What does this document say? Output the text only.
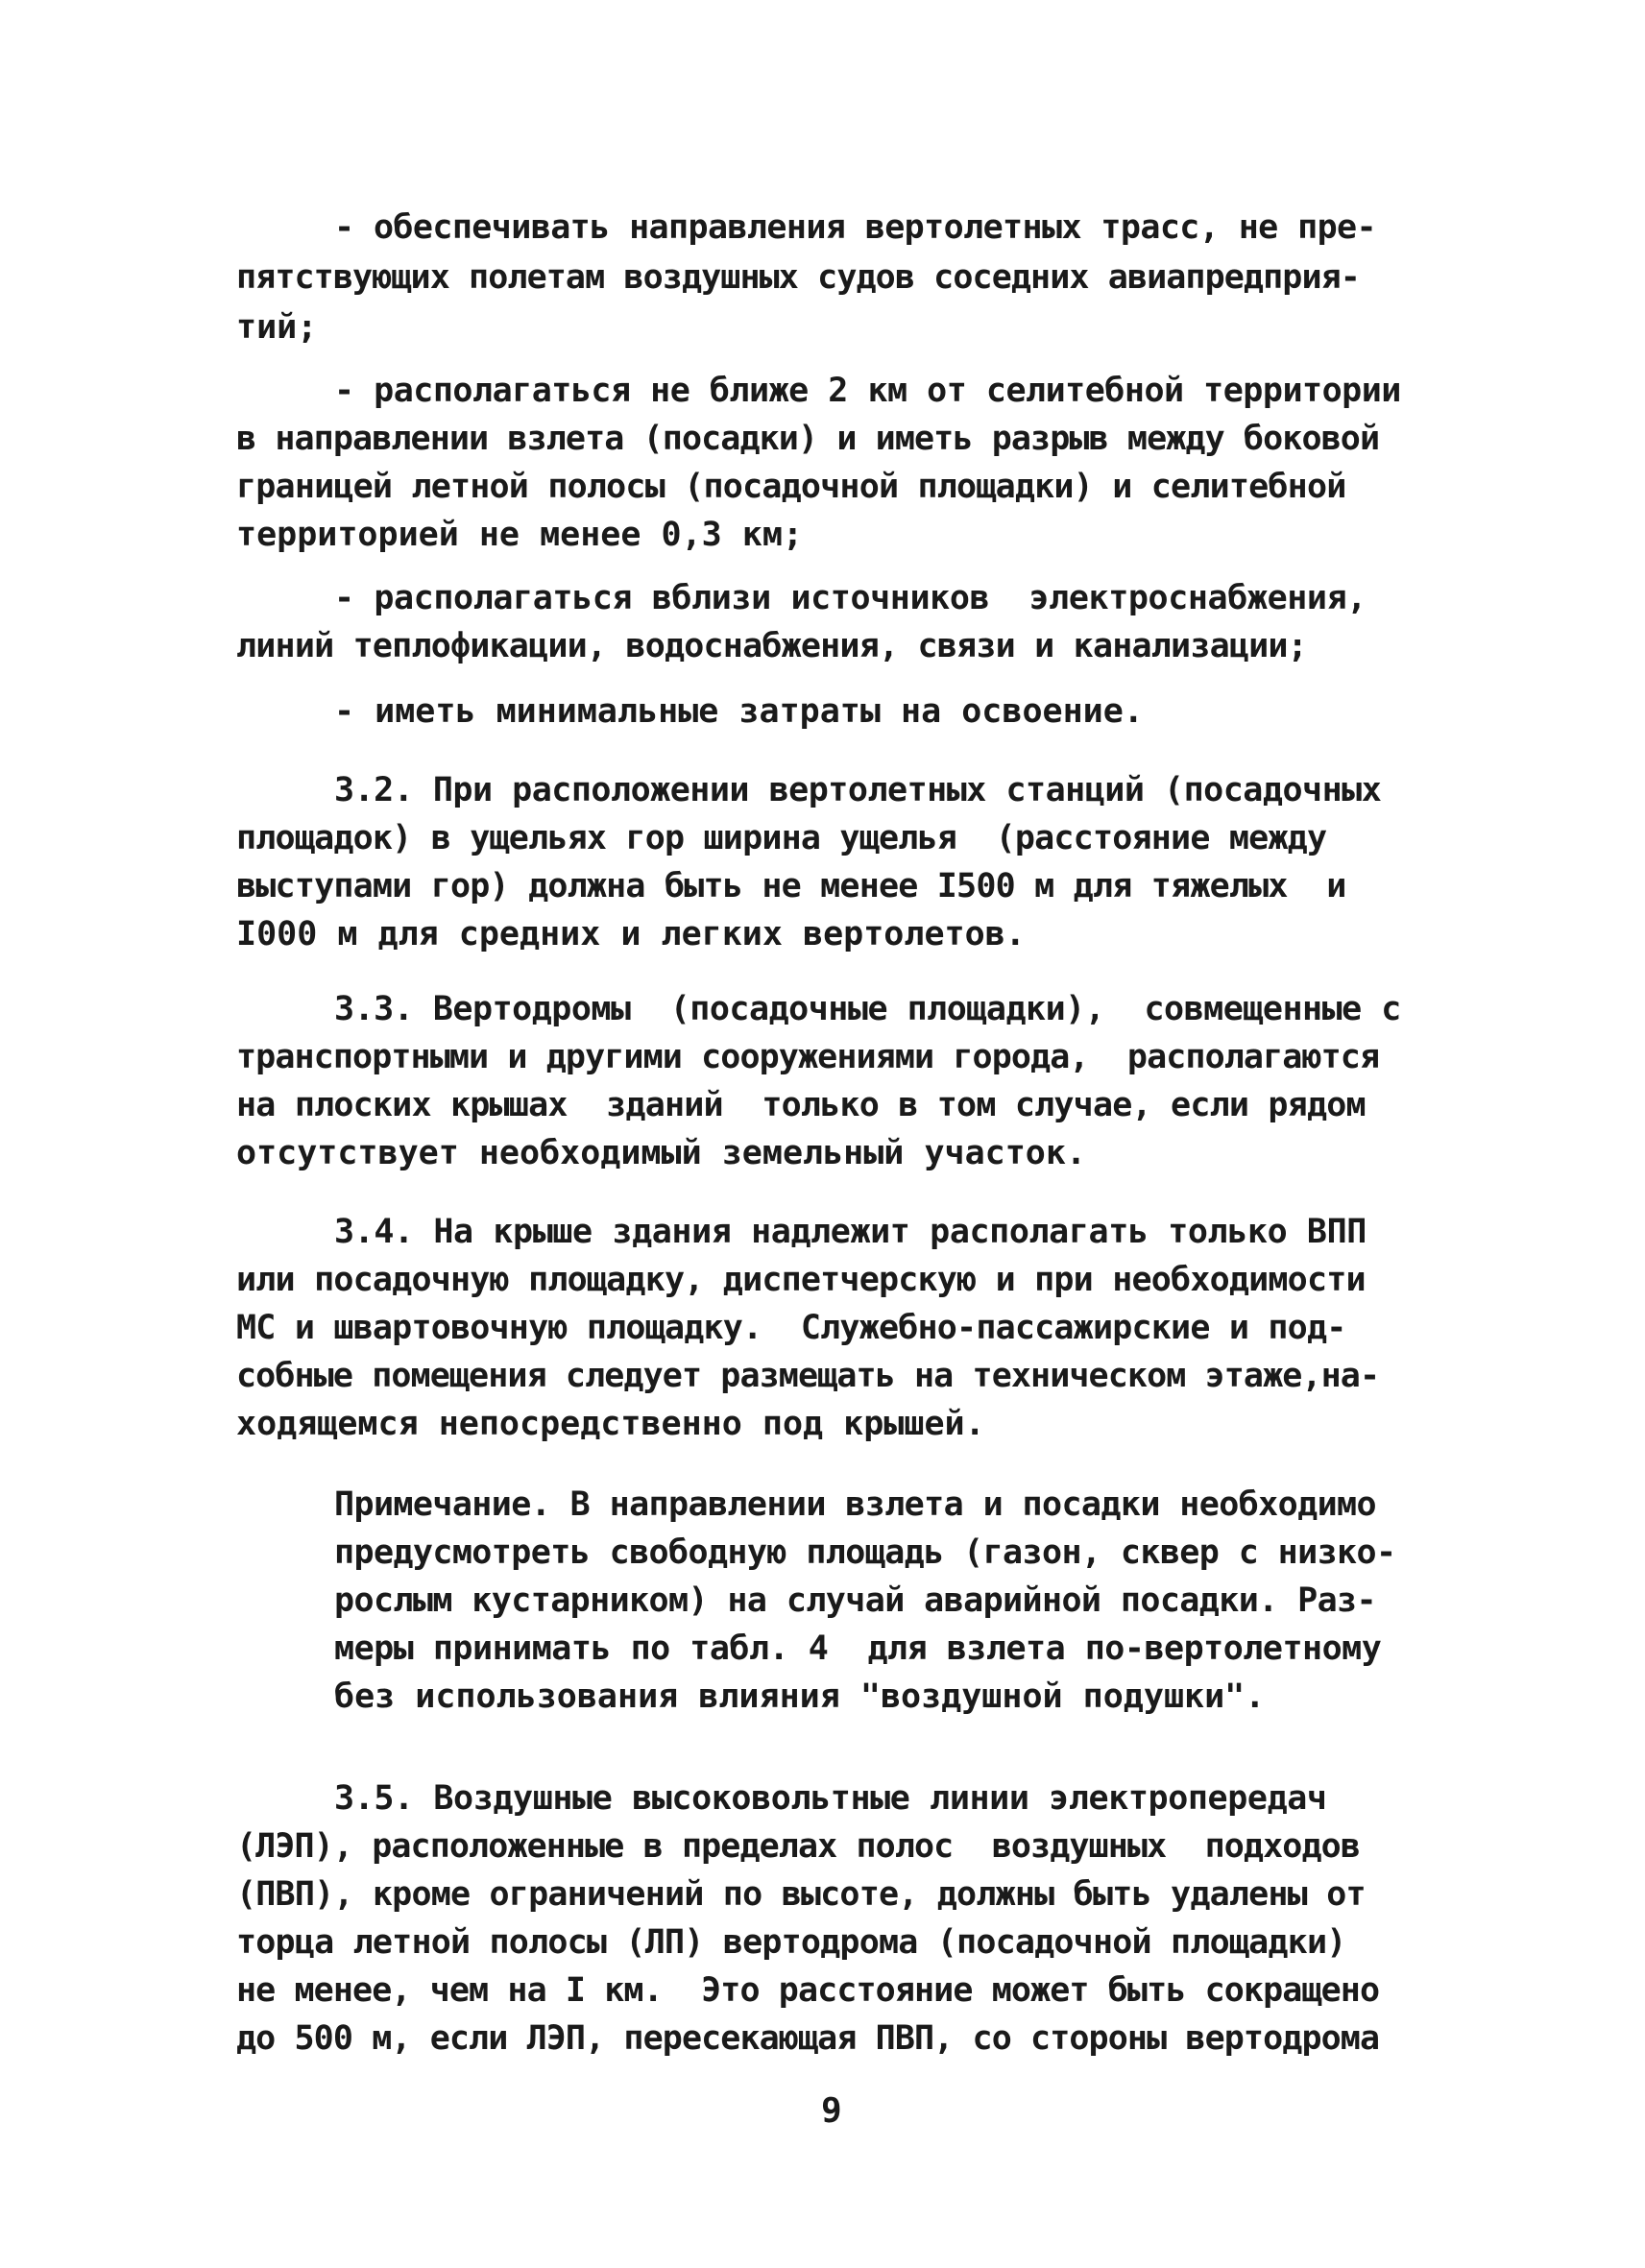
- обеспечивать направления вертолетных трасс, не пре-
пятствующих полетам воздушных судов соседних авиапредприя-
тий;
- располагаться не ближе 2 км от селитебной территории
в направлении взлета (посадки) и иметь разрыв между боковой
границей летной полосы (посадочной площадки) и селитебной
территорией не менее 0,3 км;
- располагаться вблизи источников  электроснабжения,
линий теплофикации, водоснабжения, связи и канализации;
- иметь минимальные затраты на освоение.
3.2. При расположении вертолетных станций (посадочных
площадок) в ущельях гор ширина ущелья  (расстояние между
выступами гор) должна быть не менее I500 м для тяжелых  и
I000 м для средних и легких вертолетов.
3.3. Вертодромы  (посадочные площадки),  совмещенные с
транспортными и другими сооружениями города,  располагаются
на плоских крышах  зданий  только в том случае, если рядом
отсутствует необходимый земельный участок.
3.4. На крыше здания надлежит располагать только ВПП
или посадочную площадку, диспетчерскую и при необходимости
МС и швартовочную площадку.  Служебно-пассажирские и под-
собные помещения следует размещать на техническом этаже,на-
ходящемся непосредственно под крышей.
Примечание. В направлении взлета и посадки необходимо
предусмотреть свободную площадь (газон, сквер с низко-
рослым кустарником) на случай аварийной посадки. Раз-
меры принимать по табл. 4  для взлета по-вертолетному
без использования влияния "воздушной подушки".
3.5. Воздушные высоковольтные линии электропередач
(ЛЭП), расположенные в пределах полос  воздушных  подходов
(ПВП), кроме ограничений по высоте, должны быть удалены от
торца летной полосы (ЛП) вертодрома (посадочной площадки)
не менее, чем на I км.  Это расстояние может быть сокращено
до 500 м, если ЛЭП, пересекающая ПВП, со стороны вертодрома
9
